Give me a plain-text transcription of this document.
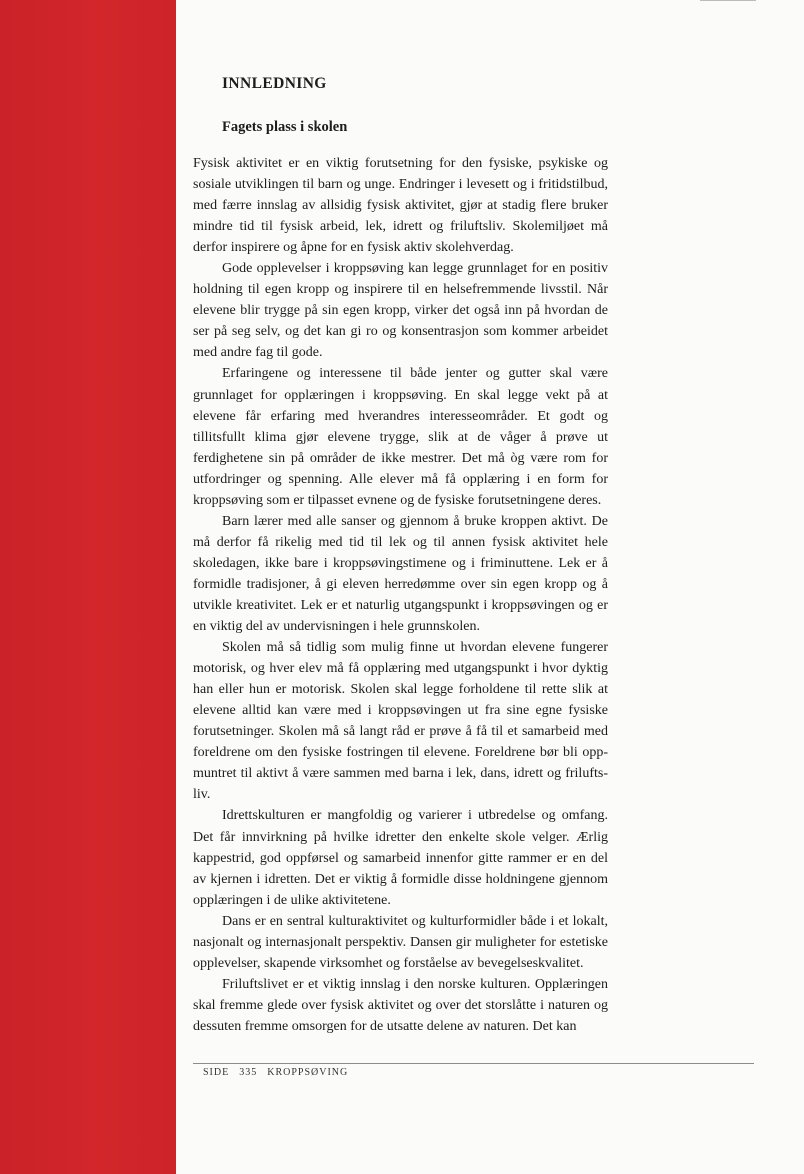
INNLEDNING
Fagets plass i skolen

Fysisk aktivitet er en viktig forutsetning for den fysiske, psykiske og sosiale utviklingen til barn og unge. Endringer i levesett og i fritidstilbud, med færre innslag av allsidig fysisk aktivitet, gjør at stadig flere bruker mindre tid til fysisk arbeid, lek, idrett og friluftsliv. Skolemiljøet må derfor inspirere og åpne for en fysisk aktiv skolehverdag.

Gode opplevelser i kroppsøving kan legge grunnlaget for en positiv holdning til egen kropp og inspirere til en helsefremmende livsstil. Når elevene blir trygge på sin egen kropp, virker det også inn på hvordan de ser på seg selv, og det kan gi ro og konsentrasjon som kommer arbeidet med andre fag til gode.

Erfaringene og interessene til både jenter og gutter skal være grunnlaget for opplæringen i kroppsøving. En skal legge vekt på at elevene får erfaring med hverandres interesseområder. Et godt og tillitsfullt klima gjør elevene trygge, slik at de våger å prøve ut ferdighetene sin på områder de ikke mestrer. Det må òg være rom for utfordringer og spenning. Alle elever må få opplæring i en form for kroppsøving som er tilpasset evnene og de fysiske forutsetningene deres.

Barn lærer med alle sanser og gjennom å bruke kroppen aktivt. De må derfor få rikelig med tid til lek og til annen fysisk aktivitet hele skoledagen, ikke bare i kroppsøvingstimene og i friminuttene. Lek er å formidle tradisjoner, å gi eleven herredømme over sin egen kropp og å utvikle kreativitet. Lek er et naturlig utgangspunkt i kroppsøvingen og er en viktig del av undervisningen i hele grunnskolen.

Skolen må så tidlig som mulig finne ut hvordan elevene fungerer motorisk, og hver elev må få opplæring med utgangspunkt i hvor dyktig han eller hun er motorisk. Skolen skal legge forholdene til rette slik at elevene alltid kan være med i kroppsøvingen ut fra sine egne fysiske forutsetninger. Skolen må så langt råd er prøve å få til et samarbeid med foreldrene om den fysiske fostringen til elevene. Foreldrene bør bli oppmuntret til aktivt å være sammen med barna i lek, dans, idrett og friluftsliv.

Idrettskulturen er mangfoldig og varierer i utbredelse og omfang. Det får innvirkning på hvilke idretter den enkelte skole velger. Ærlig kappestrid, god oppførsel og samarbeid innenfor gitte rammer er en del av kjernen i idretten. Det er viktig å formidle disse holdningene gjennom opplæringen i de ulike aktivitetene.

Dans er en sentral kulturaktivitet og kulturformidler både i et lokalt, nasjonalt og internasjonalt perspektiv. Dansen gir muligheter for estetiske opplevelser, skapende virksomhet og forståelse av bevegelseskvalitet.

Friluftslivet er et viktig innslag i den norske kulturen. Opplæringen skal fremme glede over fysisk aktivitet og over det storslåtte i naturen og dessuten fremme omsorgen for de utsatte delene av naturen. Det kan

SIDE 335 KROPPSØVING
